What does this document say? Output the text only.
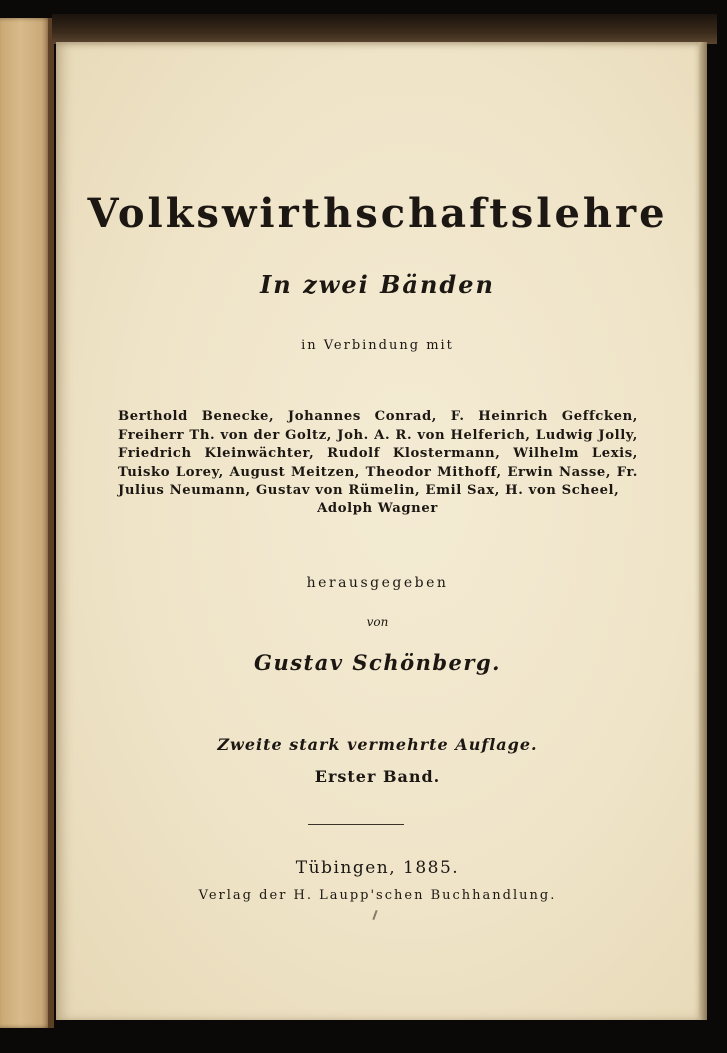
Volkswirthschaftslehre
In zwei Bänden
in Verbindung mit
Berthold Benecke, Johannes Conrad, F. Heinrich Geffcken, Freiherr Th. von der Goltz, Joh. A. R. von Helferich, Ludwig Jolly, Friedrich Kleinwächter, Rudolf Klostermann, Wilhelm Lexis, Tuisko Lorey, August Meitzen, Theodor Mithoff, Erwin Nasse, Fr. Julius Neumann, Gustav von Rümelin, Emil Sax, H. von Scheel,
Adolph Wagner
herausgegeben
von
Gustav Schönberg.
Zweite stark vermehrte Auflage.
Erster Band.
Tübingen, 1885.
Verlag der H. Laupp'schen Buchhandlung.
